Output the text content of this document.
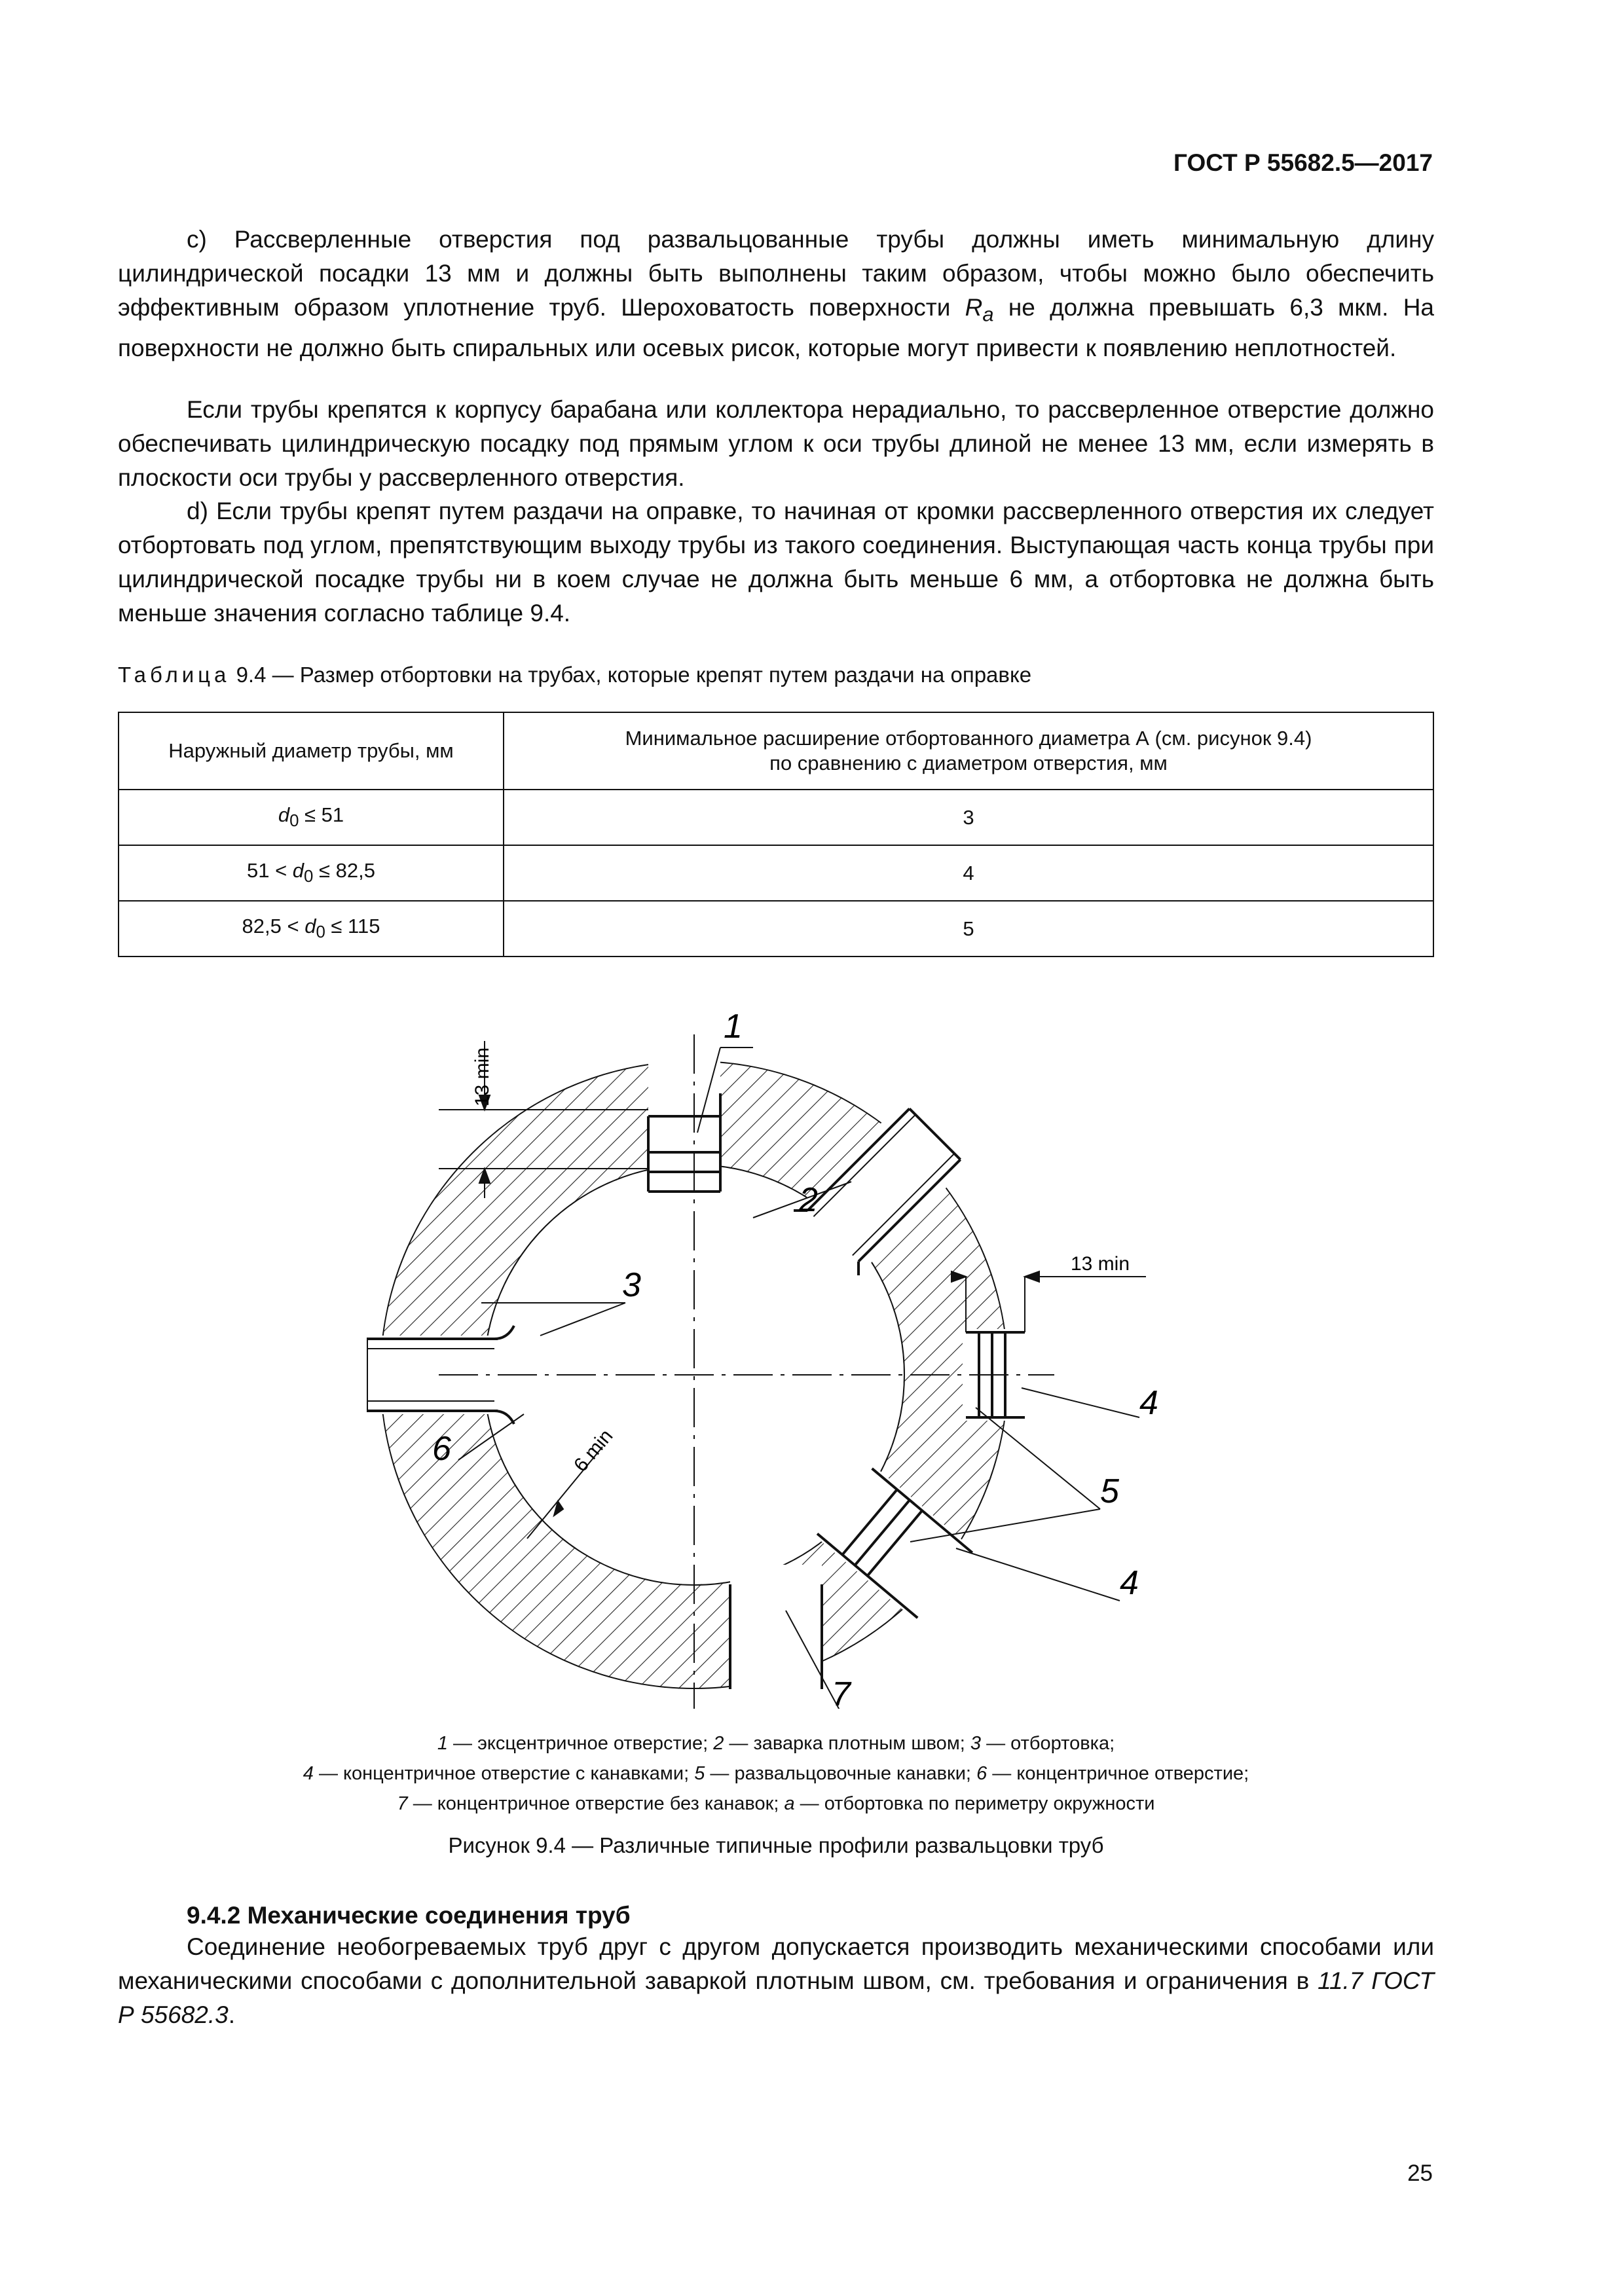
ГОСТ Р 55682.5—2017

с) Рассверленные отверстия под развальцованные трубы должны иметь минимальную длину цилиндрической посадки 13 мм и должны быть выполнены таким образом, чтобы можно было обеспечить эффективным образом уплотнение труб. Шероховатость поверхности $R_a$ не должна превышать 6,3 мкм. На поверхности не должно быть спиральных или осевых рисок, которые могут привести к появлению неплотностей.

Если трубы крепятся к корпусу барабана или коллектора нерадиально, то рассверленное отверстие должно обеспечивать цилиндрическую посадку под прямым углом к оси трубы длиной не менее 13 мм, если измерять в плоскости оси трубы у рассверленного отверстия.

d) Если трубы крепят путем раздачи на оправке, то начиная от кромки рассверленного отверстия их следует отбортовать под углом, препятствующим выходу трубы из такого соединения. Выступающая часть конца трубы при цилиндрической посадке трубы ни в коем случае не должна быть меньше 6 мм, а отбортовка не должна быть меньше значения согласно таблице 9.4.

Таблица 9.4 — Размер отбортовки на трубах, которые крепят путем раздачи на оправке
Наружный диаметр трубы, мм	Минимальное расширение отбортованного диаметра А (см. рисунок 9.4)
по сравнению с диаметром отверстия, мм
$d_0 \le 51$	3
$51 < d_0 \le 82,5$	4
$82,5 < d_0 \le 115$	5
13 min
13 min
6 min
1
2
3
4
5
4
6
7
1 — эксцентричное отверстие; 2 — заварка плотным швом; 3 — отбортовка;
4 — концентричное отверстие с канавками; 5 — развальцовочные канавки; 6 — концентричное отверстие;
7 — концентричное отверстие без канавок; а — отбортовка по периметру окружности
Рисунок 9.4 — Различные типичные профили развальцовки труб
9.4.2 Механические соединения труб

Соединение необогреваемых труб друг с другом допускается производить механическими способами или механическими способами с дополнительной заваркой плотным швом, см. требования и ограничения в 11.7 ГОСТ Р 55682.3.

25
